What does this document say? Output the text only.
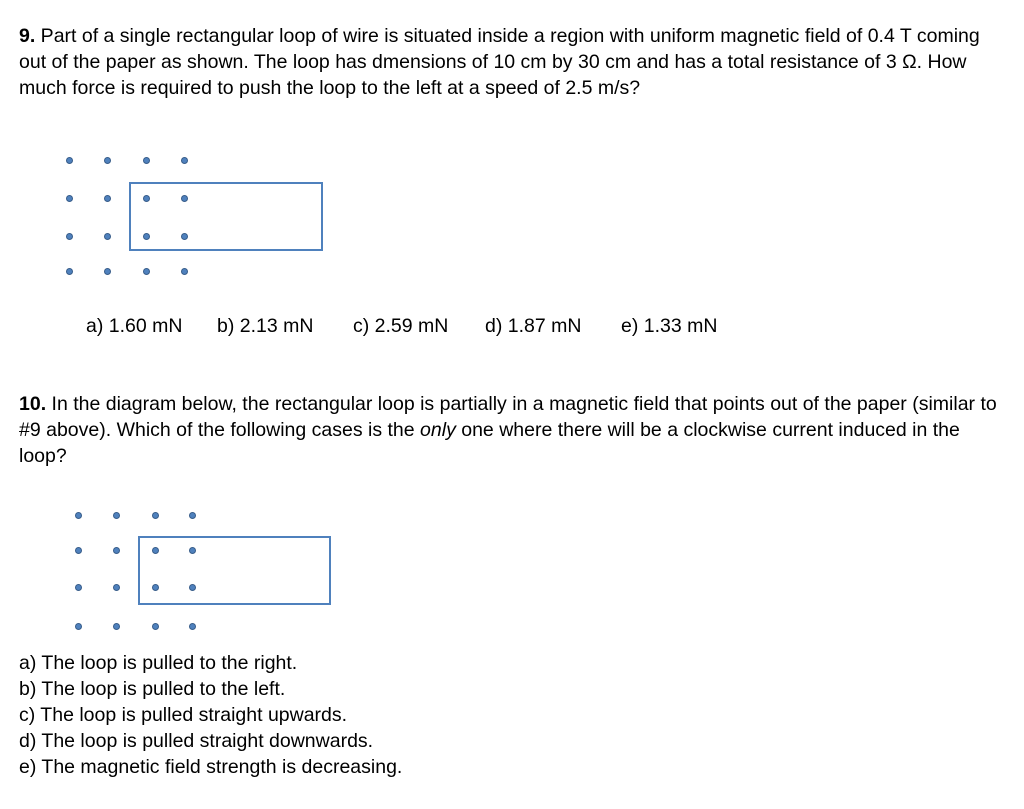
9. Part of a single rectangular loop of wire is situated inside a region with uniform magnetic field of 0.4 T coming out of the paper as shown. The loop has dmensions of 10 cm by 30 cm and has a total resistance of 3 Ω. How much force is required to push the loop to the left at a speed of 2.5 m/s?

a) 1.60 mN b) 2.13 mN c) 2.59 mN d) 1.87 mN e) 1.33 mN

10. In the diagram below, the rectangular loop is partially in a magnetic field that points out of the paper (similar to #9 above). Which of the following cases is the only one where there will be a clockwise current induced in the loop?

a) The loop is pulled to the right.
b) The loop is pulled to the left.
c) The loop is pulled straight upwards.
d) The loop is pulled straight downwards.
e) The magnetic field strength is decreasing.
